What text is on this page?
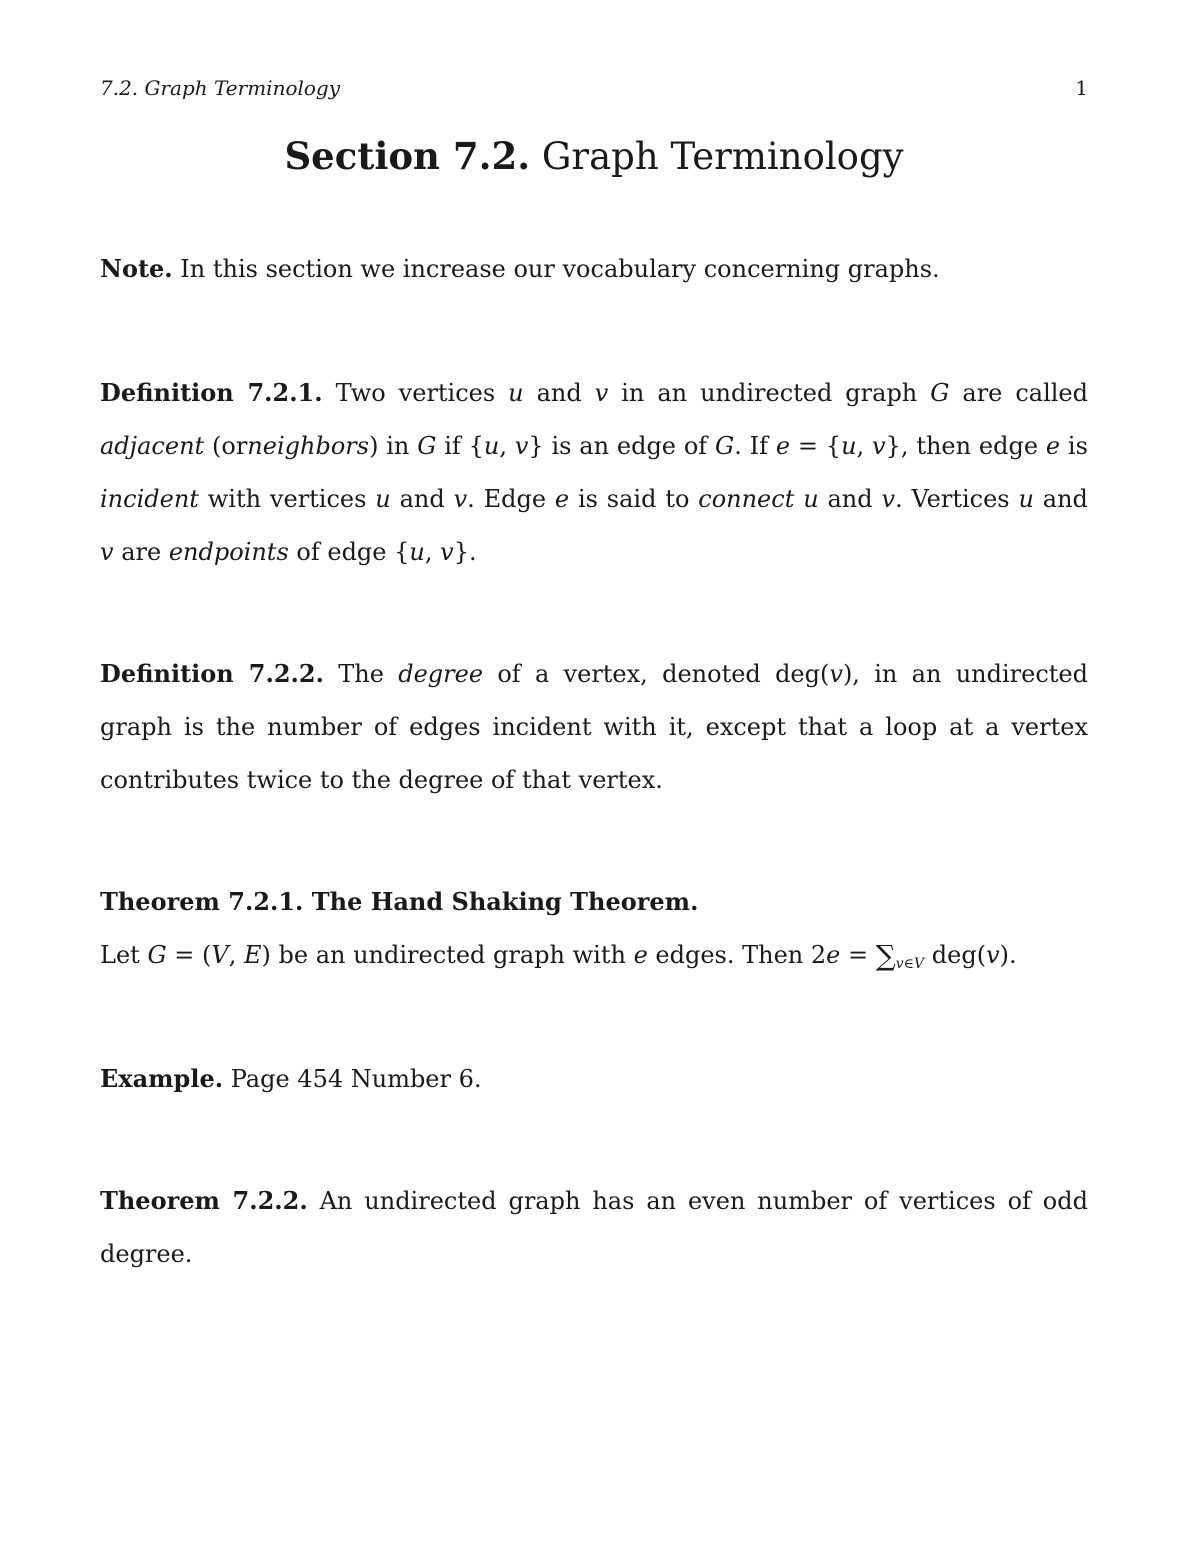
7.2. Graph Terminology	1
Section 7.2. Graph Terminology
Note. In this section we increase our vocabulary concerning graphs.
Definition 7.2.1. Two vertices u and v in an undirected graph G are called adjacent (orneighbors) in G if {u, v} is an edge of G. If e = {u, v}, then edge e is incident with vertices u and v. Edge e is said to connect u and v. Vertices u and v are endpoints of edge {u, v}.
Definition 7.2.2. The degree of a vertex, denoted deg(v), in an undirected graph is the number of edges incident with it, except that a loop at a vertex contributes twice to the degree of that vertex.
Theorem 7.2.1. The Hand Shaking Theorem.
Let G = (V, E) be an undirected graph with e edges. Then $2e = \sum_{v\in V}$ deg(v).
Example. Page 454 Number 6.
Theorem 7.2.2. An undirected graph has an even number of vertices of odd degree.
